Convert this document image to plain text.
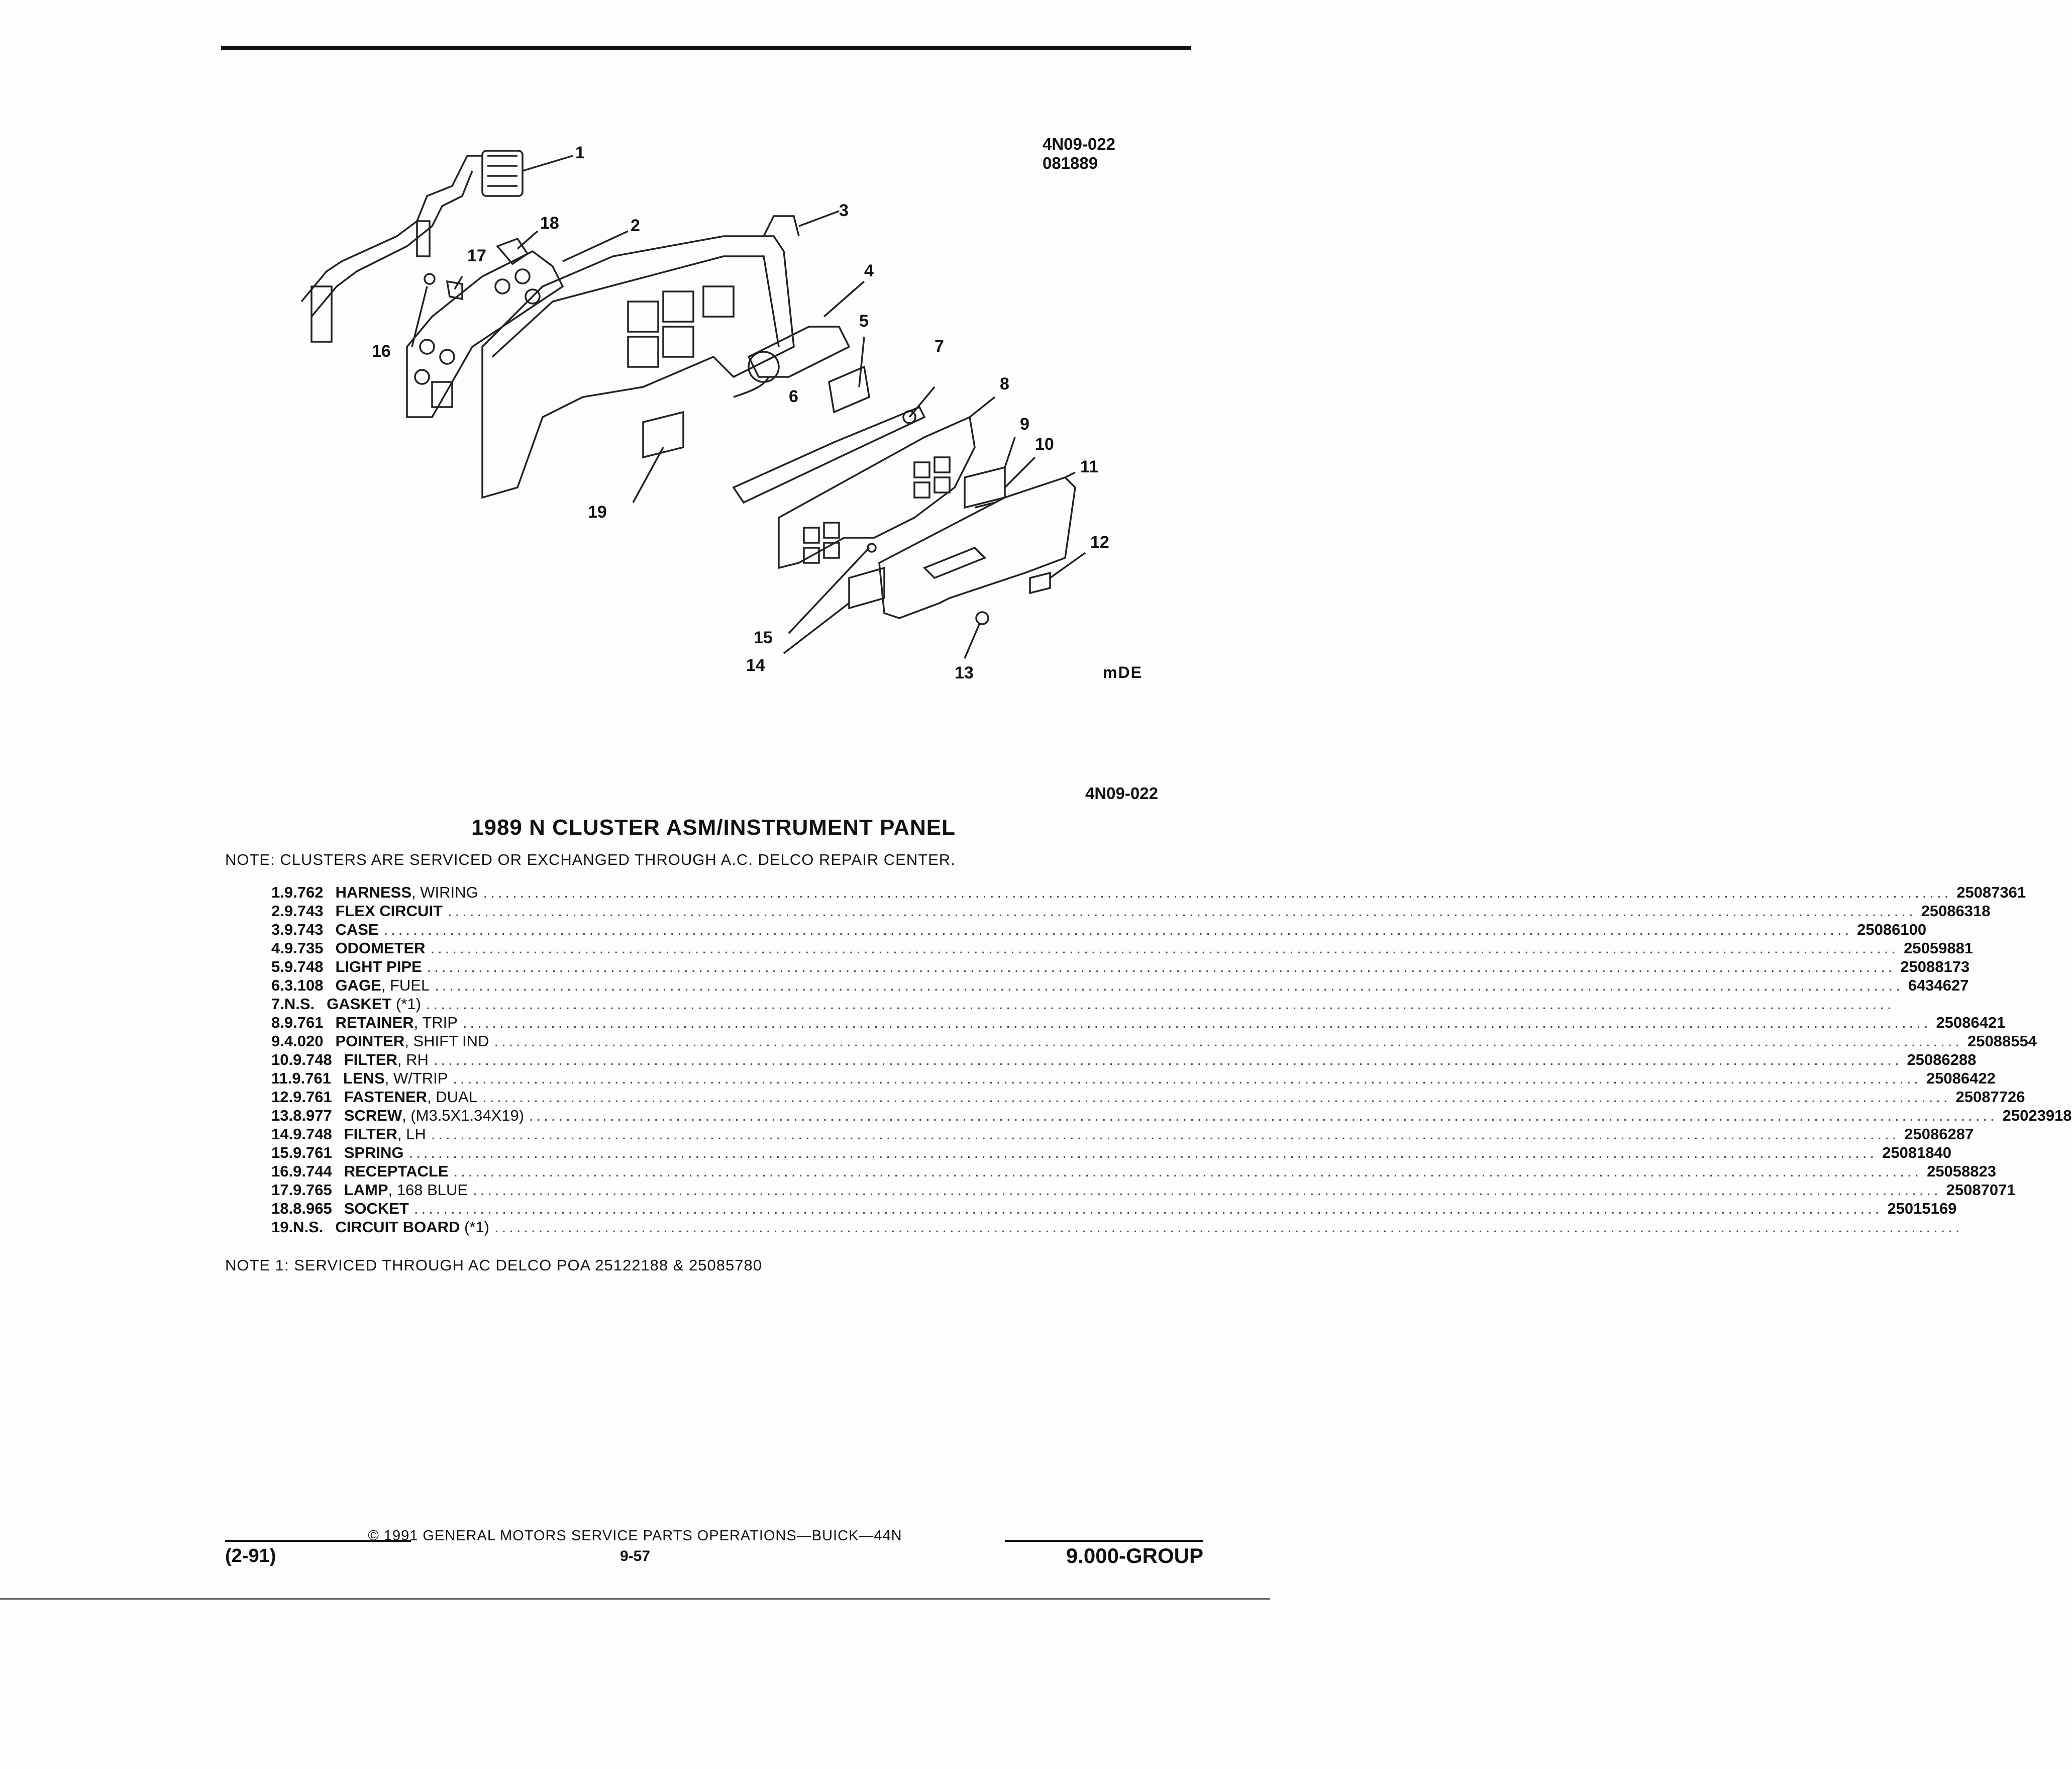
4N09-022
081889
1
2
3
4
5
6
7
8
9
10
11
12
13
14
15
16
17
18
19
mDE
4N09-022
1989 N CLUSTER ASM/INSTRUMENT PANEL
NOTE: CLUSTERS ARE SERVICED OR EXCHANGED THROUGH A.C. DELCO REPAIR CENTER.
1. 9.762 HARNESS, WIRING ........................................................................................................................................................................................................ 25087361
2. 9.743 FLEX CIRCUIT ........................................................................................................................................................................................................ 25086318
3. 9.743 CASE ........................................................................................................................................................................................................ 25086100
4. 9.735 ODOMETER ........................................................................................................................................................................................................ 25059881
5. 9.748 LIGHT PIPE ........................................................................................................................................................................................................ 25088173
6. 3.108 GAGE, FUEL ........................................................................................................................................................................................................ 6434627
7. N.S. GASKET (*1) ........................................................................................................................................................................................................
8. 9.761 RETAINER, TRIP ........................................................................................................................................................................................................ 25086421
9. 4.020 POINTER, SHIFT IND ........................................................................................................................................................................................................ 25088554
10. 9.748 FILTER, RH ........................................................................................................................................................................................................ 25086288
11. 9.761 LENS, W/TRIP ........................................................................................................................................................................................................ 25086422
12. 9.761 FASTENER, DUAL ........................................................................................................................................................................................................ 25087726
13. 8.977 SCREW, (M3.5X1.34X19) ........................................................................................................................................................................................................ 25023918
14. 9.748 FILTER, LH ........................................................................................................................................................................................................ 25086287
15. 9.761 SPRING ........................................................................................................................................................................................................ 25081840
16. 9.744 RECEPTACLE ........................................................................................................................................................................................................ 25058823
17. 9.765 LAMP, 168 BLUE ........................................................................................................................................................................................................ 25087071
18. 8.965 SOCKET ........................................................................................................................................................................................................ 25015169
19. N.S. CIRCUIT BOARD (*1) ........................................................................................................................................................................................................
NOTE 1: SERVICED THROUGH AC DELCO POA 25122188 & 25085780
© 1991 GENERAL MOTORS SERVICE PARTS OPERATIONS—BUICK—44N
(2-91)	9-57	9.000-GROUP
